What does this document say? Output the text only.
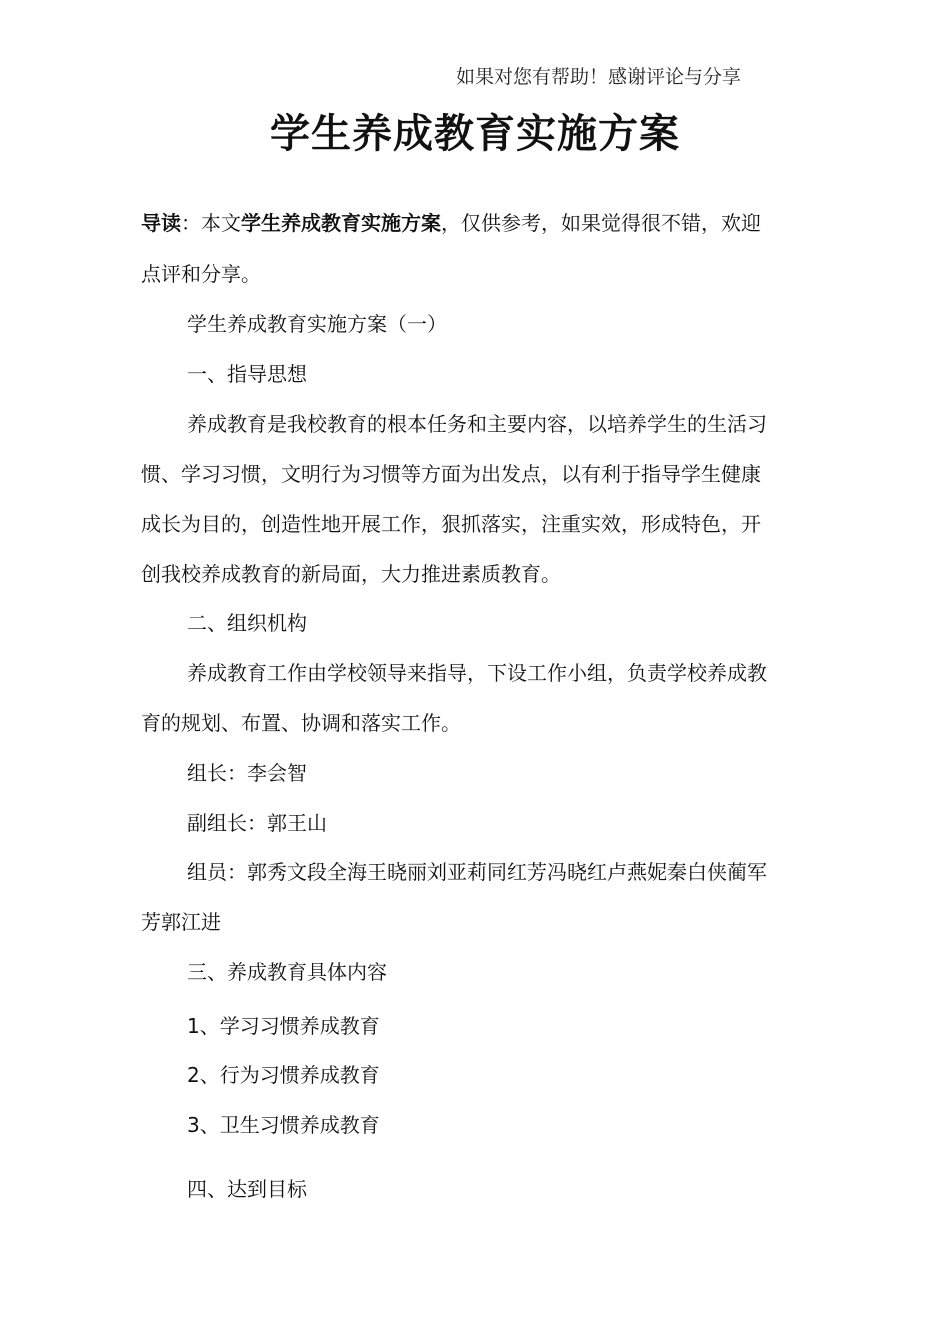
如果对您有帮助！感谢评论与分享
学生养成教育实施方案
导读：本文学生养成教育实施方案，仅供参考，如果觉得很不错，欢迎
点评和分享。
学生养成教育实施方案（一）
一、指导思想
养成教育是我校教育的根本任务和主要内容，以培养学生的生活习
惯、学习习惯，文明行为习惯等方面为出发点，以有利于指导学生健康
成长为目的，创造性地开展工作，狠抓落实，注重实效，形成特色，开
创我校养成教育的新局面，大力推进素质教育。
二、组织机构
养成教育工作由学校领导来指导，下设工作小组，负责学校养成教
育的规划、布置、协调和落实工作。
组长：李会智
副组长：郭王山
组员：郭秀文段全海王晓丽刘亚莉同红芳冯晓红卢燕妮秦白侠蔺军
芳郭江进
三、养成教育具体内容
1、学习习惯养成教育
2、行为习惯养成教育
3、卫生习惯养成教育
四、达到目标
